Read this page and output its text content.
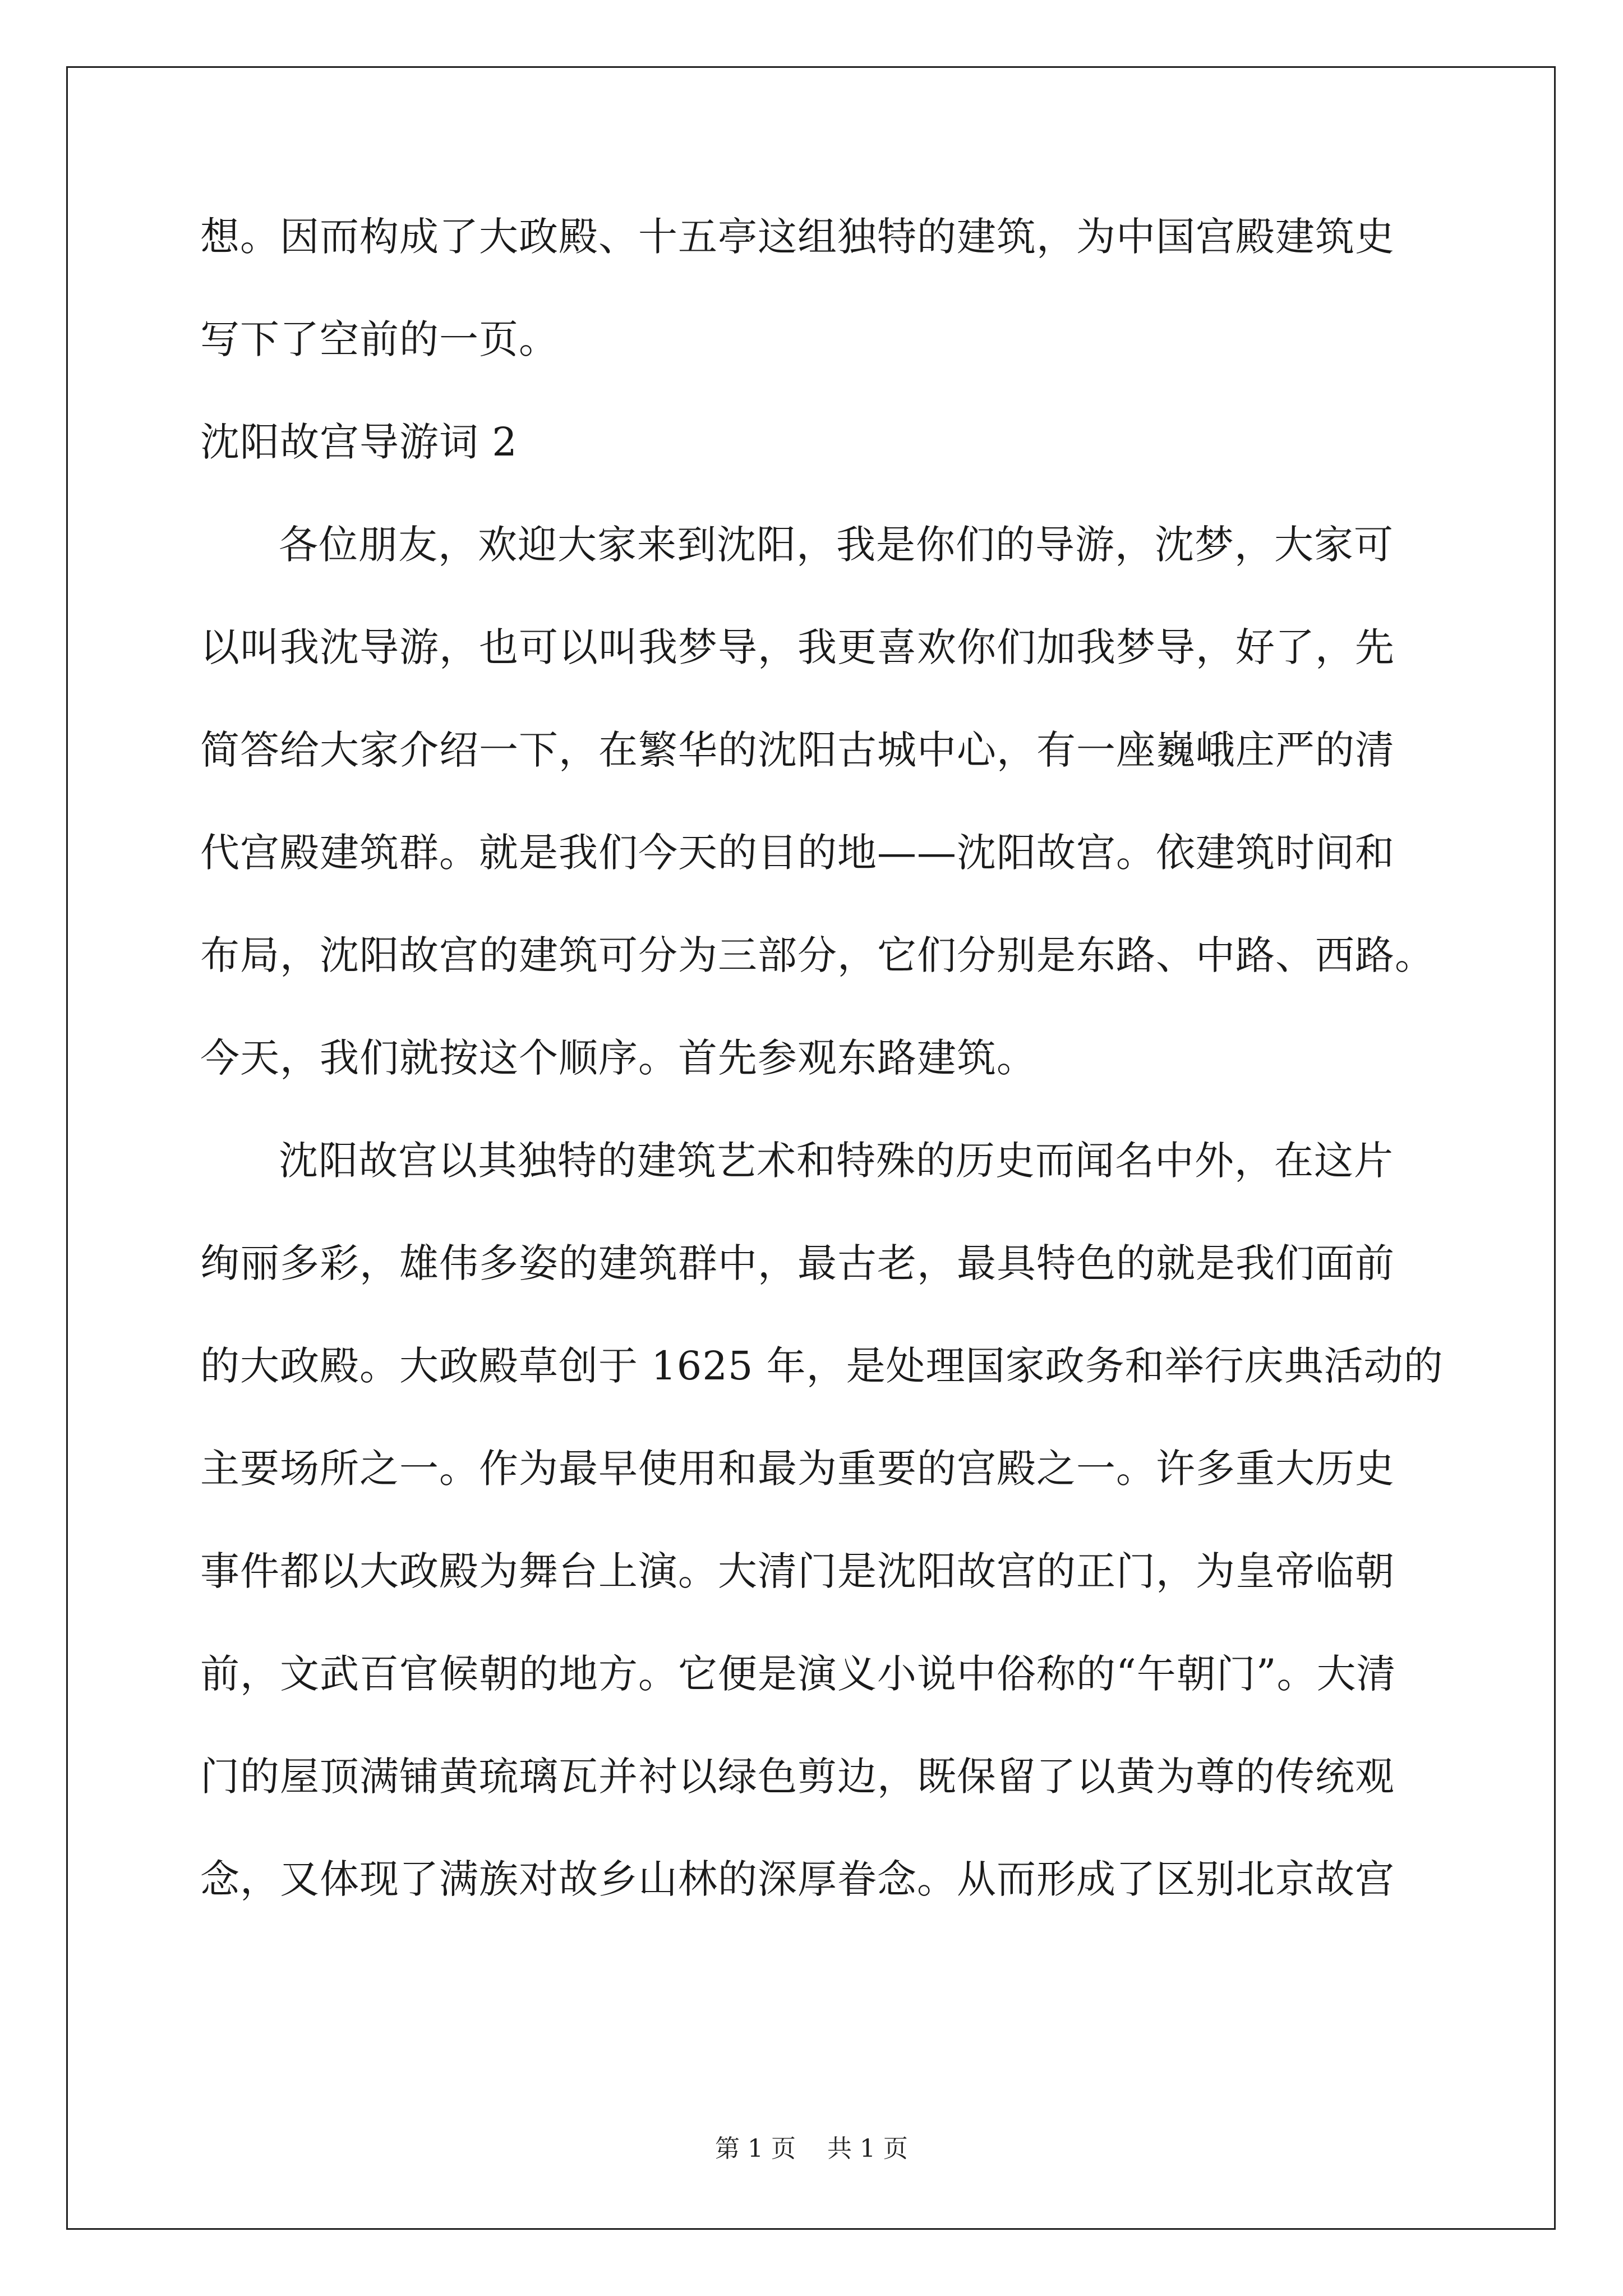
想。因而构成了大政殿、十五亭这组独特的建筑，为中国宫殿建筑史
写下了空前的一页。
沈阳故宫导游词 2
各位朋友，欢迎大家来到沈阳，我是你们的导游，沈梦，大家可
以叫我沈导游，也可以叫我梦导，我更喜欢你们加我梦导，好了，先
简答给大家介绍一下，在繁华的沈阳古城中心，有一座巍峨庄严的清
代宫殿建筑群。就是我们今天的目的地——沈阳故宫。依建筑时间和
布局，沈阳故宫的建筑可分为三部分，它们分别是东路、中路、西路。
今天，我们就按这个顺序。首先参观东路建筑。
沈阳故宫以其独特的建筑艺术和特殊的历史而闻名中外，在这片
绚丽多彩，雄伟多姿的建筑群中，最古老，最具特色的就是我们面前
的大政殿。大政殿草创于 1625 年，是处理国家政务和举行庆典活动的
主要场所之一。作为最早使用和最为重要的宫殿之一。许多重大历史
事件都以大政殿为舞台上演。大清门是沈阳故宫的正门，为皇帝临朝
前，文武百官候朝的地方。它便是演义小说中俗称的“午朝门”。大清
门的屋顶满铺黄琉璃瓦并衬以绿色剪边，既保留了以黄为尊的传统观
念，又体现了满族对故乡山林的深厚眷念。从而形成了区别北京故宫
第 1 页    共 1 页
